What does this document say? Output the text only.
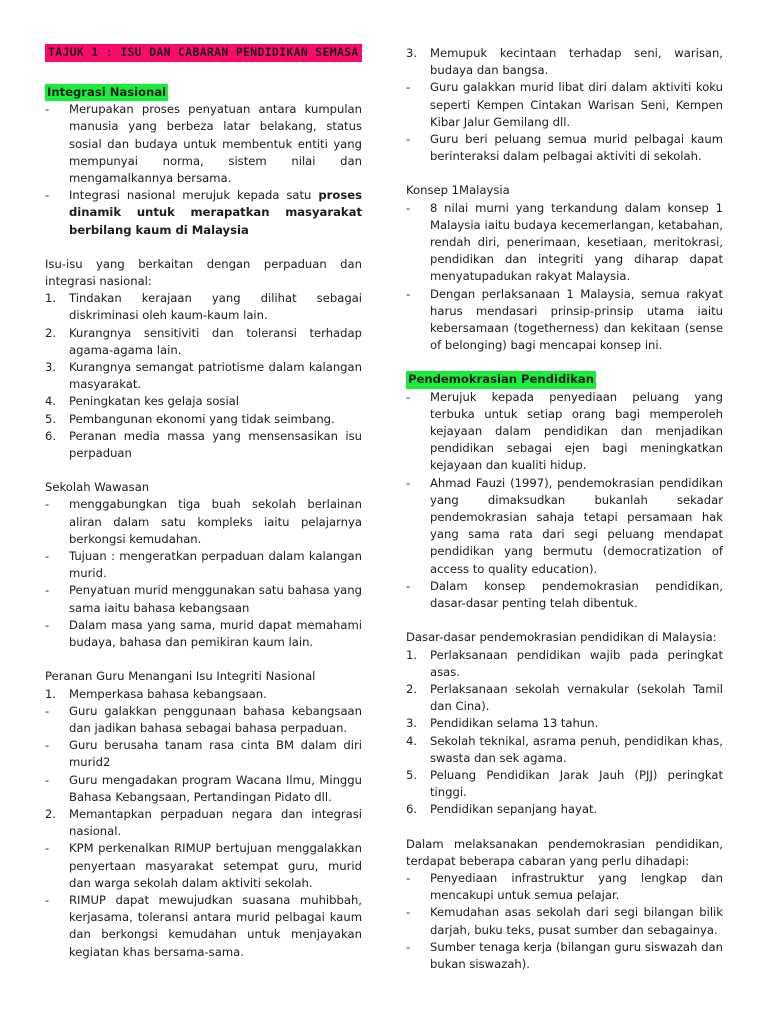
TAJUK 1 : ISU DAN CABARAN PENDIDIKAN SEMASA
Integrasi Nasional
- Merupakan proses penyatuan antara kumpulan manusia yang berbeza latar belakang, status sosial dan budaya untuk membentuk entiti yang mempunyai norma, sistem nilai dan mengamalkannya bersama.
- Integrasi nasional merujuk kepada satu proses dinamik untuk merapatkan masyarakat berbilang kaum di Malaysia

Isu-isu yang berkaitan dengan perpaduan dan integrasi nasional:

1. Tindakan kerajaan yang dilihat sebagai diskriminasi oleh kaum-kaum lain.
2. Kurangnya sensitiviti dan toleransi terhadap agama-agama lain.
3. Kurangnya semangat patriotisme dalam kalangan masyarakat.
4. Peningkatan kes gelaja sosial
5. Pembangunan ekonomi yang tidak seimbang.
6. Peranan media massa yang mensensasikan isu perpaduan

Sekolah Wawasan

- menggabungkan tiga buah sekolah berlainan aliran dalam satu kompleks iaitu pelajarnya berkongsi kemudahan.
- Tujuan : mengeratkan perpaduan dalam kalangan murid.
- Penyatuan murid menggunakan satu bahasa yang sama iaitu bahasa kebangsaan
- Dalam masa yang sama, murid dapat memahami budaya, bahasa dan pemikiran kaum lain.

Peranan Guru Menangani Isu Integriti Nasional

1. Memperkasa bahasa kebangsaan.
- Guru galakkan penggunaan bahasa kebangsaan dan jadikan bahasa sebagai bahasa perpaduan.
- Guru berusaha tanam rasa cinta BM dalam diri murid2
- Guru mengadakan program Wacana Ilmu, Minggu Bahasa Kebangsaan, Pertandingan Pidato dll.
2. Memantapkan perpaduan negara dan integrasi nasional.
- KPM perkenalkan RIMUP bertujuan menggalakkan penyertaan masyarakat setempat guru, murid dan warga sekolah dalam aktiviti sekolah.
- RIMUP dapat mewujudkan suasana muhibbah, kerjasama, toleransi antara murid pelbagai kaum dan berkongsi kemudahan untuk menjayakan kegiatan khas bersama-sama.
3. Memupuk kecintaan terhadap seni, warisan, budaya dan bangsa.
- Guru galakkan murid libat diri dalam aktiviti koku seperti Kempen Cintakan Warisan Seni, Kempen Kibar Jalur Gemilang dll.
- Guru beri peluang semua murid pelbagai kaum berinteraksi dalam pelbagai aktiviti di sekolah.

Konsep 1Malaysia

- 8 nilai murni yang terkandung dalam konsep 1 Malaysia iaitu budaya kecemerlangan, ketabahan, rendah diri, penerimaan, kesetiaan, meritokrasi, pendidikan dan integriti yang diharap dapat menyatupadukan rakyat Malaysia.
- Dengan perlaksanaan 1 Malaysia, semua rakyat harus mendasari prinsip-prinsip utama iaitu kebersamaan (togetherness) dan kekitaan (sense of belonging) bagi mencapai konsep ini.
Pendemokrasian Pendidikan
- Merujuk kepada penyediaan peluang yang terbuka untuk setiap orang bagi memperoleh kejayaan dalam pendidikan dan menjadikan pendidikan sebagai ejen bagi meningkatkan kejayaan dan kualiti hidup.
- Ahmad Fauzi (1997), pendemokrasian pendidikan yang dimaksudkan bukanlah sekadar pendemokrasian sahaja tetapi persamaan hak yang sama rata dari segi peluang mendapat pendidikan yang bermutu (democratization of access to quality education).
- Dalam konsep pendemokrasian pendidikan, dasar-dasar penting telah dibentuk.

Dasar-dasar pendemokrasian pendidikan di Malaysia:

1. Perlaksanaan pendidikan wajib pada peringkat asas.
2. Perlaksanaan sekolah vernakular (sekolah Tamil dan Cina).
3. Pendidikan selama 13 tahun.
4. Sekolah teknikal, asrama penuh, pendidikan khas, swasta dan sek agama.
5. Peluang Pendidikan Jarak Jauh (PJJ) peringkat tinggi.
6. Pendidikan sepanjang hayat.

Dalam melaksanakan pendemokrasian pendidikan, terdapat beberapa cabaran yang perlu dihadapi:

- Penyediaan infrastruktur yang lengkap dan mencakupi untuk semua pelajar.
- Kemudahan asas sekolah dari segi bilangan bilik darjah, buku teks, pusat sumber dan sebagainya.
- Sumber tenaga kerja (bilangan guru siswazah dan bukan siswazah).
